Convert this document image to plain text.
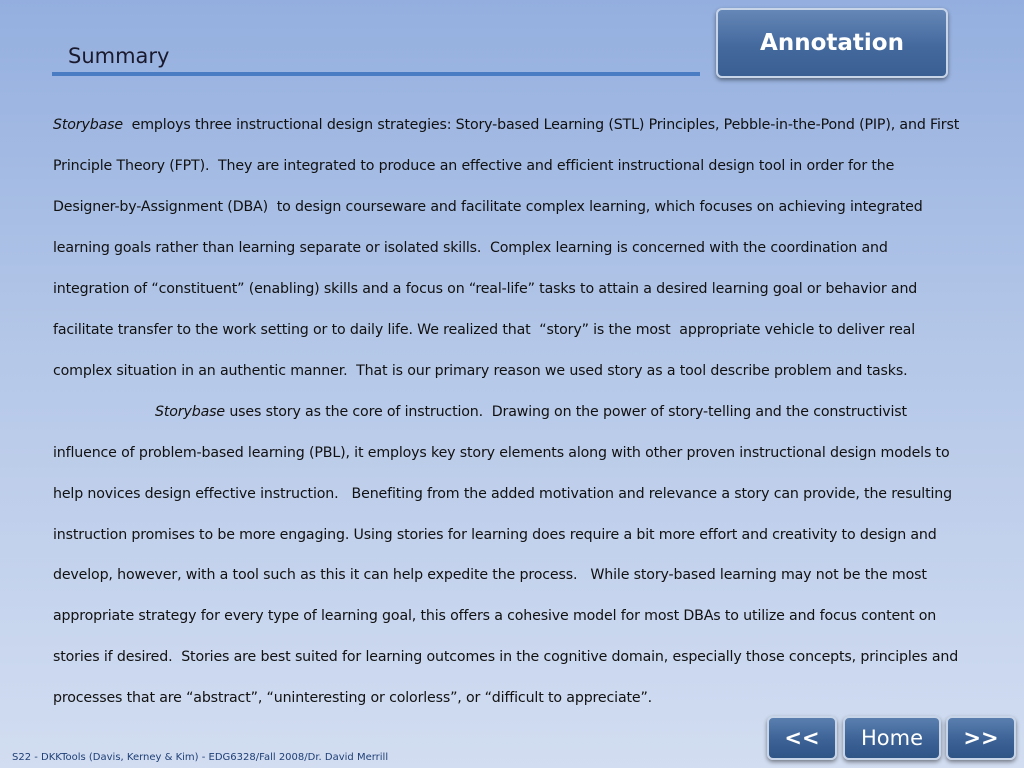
Summary	Annotation

Storybase  employs three instructional design strategies: Story-based Learning (STL) Principles, Pebble-in-the-Pond (PIP), and First Principle Theory (FPT).  They are integrated to produce an effective and efficient instructional design tool in order for the Designer-by-Assignment (DBA)  to design courseware and facilitate complex learning, which focuses on achieving integrated learning goals rather than learning separate or isolated skills.  Complex learning is concerned with the coordination and integration of “constituent” (enabling) skills and a focus on “real-life” tasks to attain a desired learning goal or behavior and facilitate transfer to the work setting or to daily life. We realized that  “story” is the most  appropriate vehicle to deliver real complex situation in an authentic manner.  That is our primary reason we used story as a tool describe problem and tasks.

Storybase uses story as the core of instruction.  Drawing on the power of story-telling and the constructivist influence of problem-based learning (PBL), it employs key story elements along with other proven instructional design models to help novices design effective instruction.   Benefiting from the added motivation and relevance a story can provide, the resulting instruction promises to be more engaging. Using stories for learning does require a bit more effort and creativity to design and develop, however, with a tool such as this it can help expedite the process.   While story-based learning may not be the most appropriate strategy for every type of learning goal, this offers a cohesive model for most DBAs to utilize and focus content on stories if desired.  Stories are best suited for learning outcomes in the cognitive domain, especially those concepts, principles and processes that are “abstract”, “uninteresting or colorless”, or “difficult to appreciate”.

<<	Home	>>
S22 - DKKTools (Davis, Kerney & Kim) - EDG6328/Fall 2008/Dr. David Merrill
